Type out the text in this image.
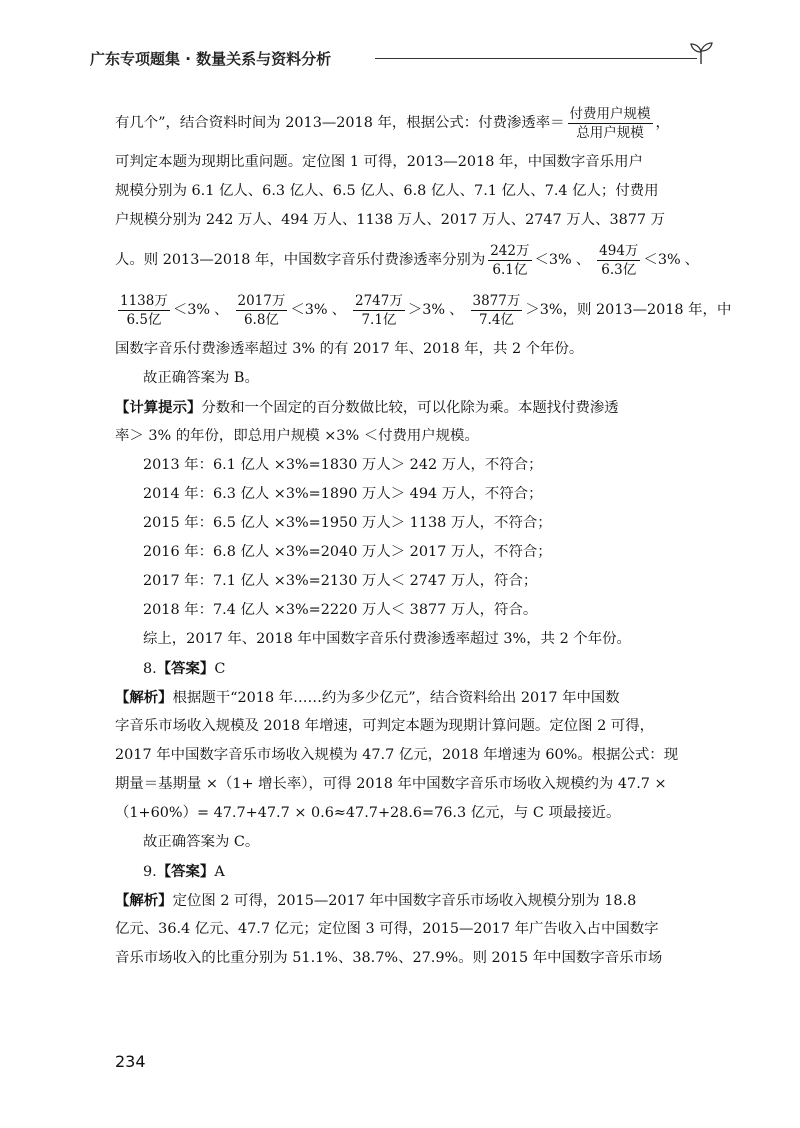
广东专项题集 · 数量关系与资料分析
有几个”，结合资料时间为 2013—2018 年，根据公式：付费渗透率＝ $\frac{\text{付费用户规模}}{\text{总用户规模}}$ ，
可判定本题为现期比重问题。定位图 1 可得，2013—2018 年，中国数字音乐用户
规模分别为 6.1 亿人、6.3 亿人、6.5 亿人、6.8 亿人、7.1 亿人、7.4 亿人；付费用
户规模分别为 242 万人、494 万人、1138 万人、2017 万人、2747 万人、3877 万
人。则 2013—2018 年，中国数字音乐付费渗透率分别为 $\frac{\text{242万}}{\text{6.1亿}} <3\%$ 、 $\frac{\text{494万}}{\text{6.3亿}} <3\%$ 、
$\frac{\text{1138万}}{\text{6.5亿}} <3\%$ 、 $\frac{\text{2017万}}{\text{6.8亿}} <3\%$ 、 $\frac{\text{2747万}}{\text{7.1亿}} >3\%$ 、 $\frac{\text{3877万}}{\text{7.4亿}} >3\%$ ，则 2013—2018 年，中
国数字音乐付费渗透率超过 3% 的有 2017 年、2018 年，共 2 个年份。
故正确答案为 B。
【计算提示】分数和一个固定的百分数做比较，可以化除为乘。本题找付费渗透
率＞ 3% 的年份，即总用户规模 ×3% ＜付费用户规模。
2013 年：6.1 亿人 ×3%=1830 万人＞ 242 万人，不符合；
2014 年：6.3 亿人 ×3%=1890 万人＞ 494 万人，不符合；
2015 年：6.5 亿人 ×3%=1950 万人＞ 1138 万人，不符合；
2016 年：6.8 亿人 ×3%=2040 万人＞ 2017 万人，不符合；
2017 年：7.1 亿人 ×3%=2130 万人＜ 2747 万人，符合；
2018 年：7.4 亿人 ×3%=2220 万人＜ 3877 万人，符合。
综上，2017 年、2018 年中国数字音乐付费渗透率超过 3%，共 2 个年份。
8.【答案】C
【解析】根据题干“2018 年……约为多少亿元”，结合资料给出 2017 年中国数
字音乐市场收入规模及 2018 年增速，可判定本题为现期计算问题。定位图 2 可得，
2017 年中国数字音乐市场收入规模为 47.7 亿元，2018 年增速为 60%。根据公式：现
期量＝基期量 ×（1+ 增长率），可得 2018 年中国数字音乐市场收入规模约为 47.7 ×
（1+60%）= 47.7+47.7 × 0.6≈47.7+28.6=76.3 亿元，与 C 项最接近。
故正确答案为 C。
9.【答案】A
【解析】定位图 2 可得，2015—2017 年中国数字音乐市场收入规模分别为 18.8
亿元、36.4 亿元、47.7 亿元；定位图 3 可得，2015—2017 年广告收入占中国数字
音乐市场收入的比重分别为 51.1%、38.7%、27.9%。则 2015 年中国数字音乐市场
234
